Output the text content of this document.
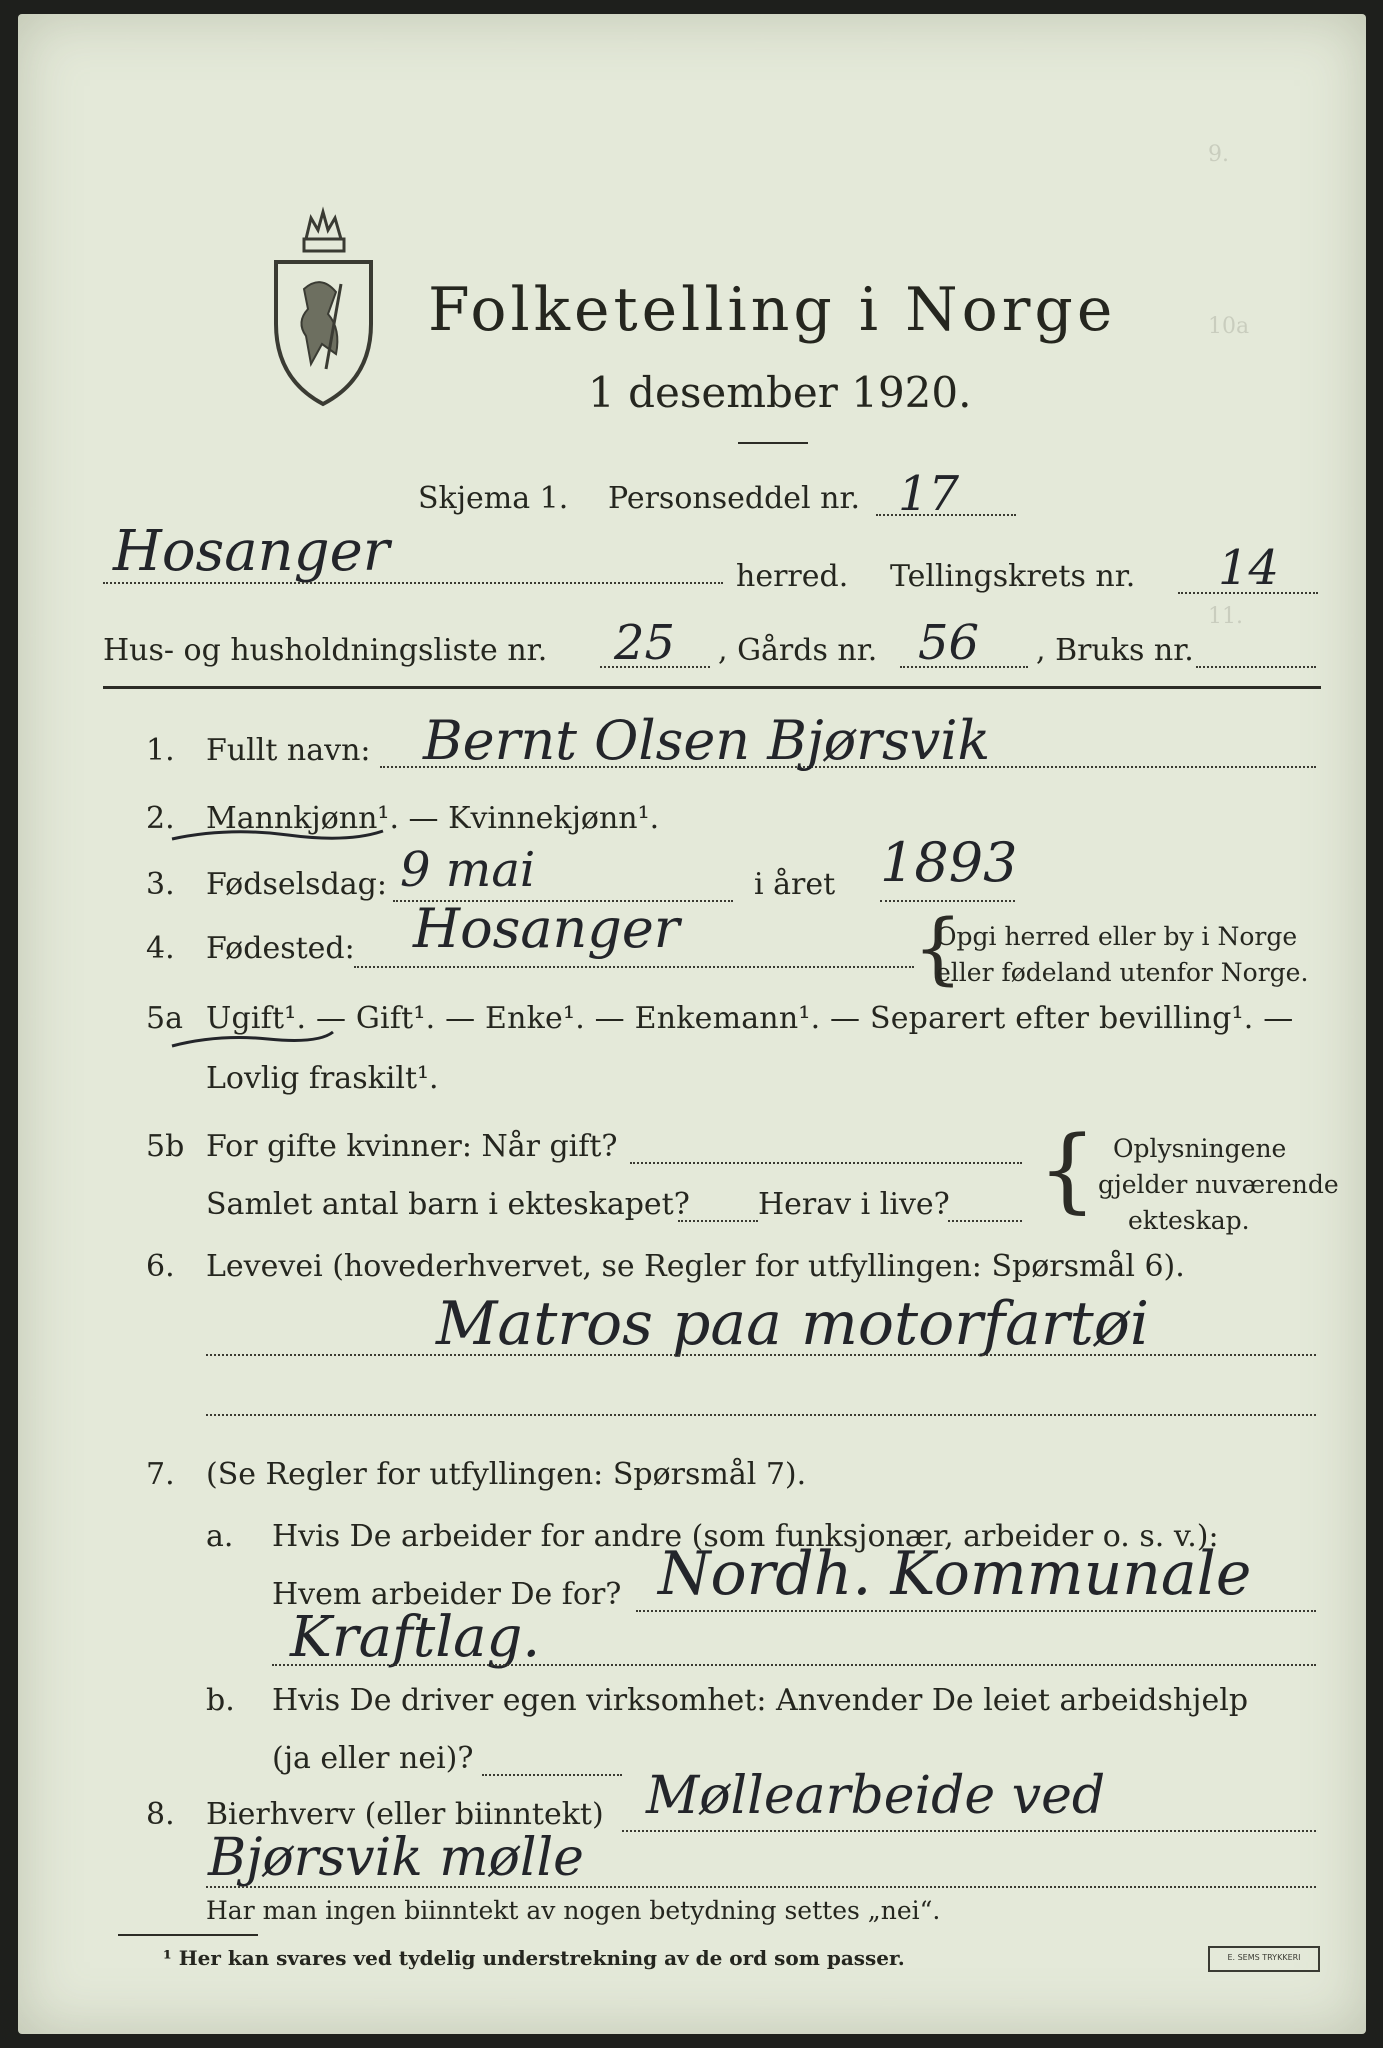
9.
10a
11.
Folketelling i Norge
1 desember 1920.
Skjema 1. Personseddel nr. 17
Hosanger	herred. Tellingskrets nr. 14
Hus- og husholdningsliste nr. 25 , Gårds nr. 56 , Bruks nr.
1. Fullt navn: Bernt Olsen Bjørsvik
2. Mannkjønn¹. — Kvinnekjønn¹.
3. Fødselsdag: 9 mai	i året 1893
4. Fødested: Hosanger	{
Opgi herred eller by i Norge
eller fødeland utenfor Norge.
5a Ugift¹. — Gift¹. — Enke¹. — Enkemann¹. — Separert efter bevilling¹. —
Lovlig fraskilt¹.
5b For gifte kvinner: Når gift?
Samlet antal barn i ekteskapet? Herav i live? { Oplysningene
gjelder nuværende
ekteskap.
6. Levevei (hovederhvervet, se Regler for utfyllingen: Spørsmål 6).
Matros paa motorfartøi
7. (Se Regler for utfyllingen: Spørsmål 7).
a. Hvis De arbeider for andre (som funksjonær, arbeider o. s. v.):
Hvem arbeider De for? Nordh. Kommunale
Kraftlag.
b. Hvis De driver egen virksomhet: Anvender De leiet arbeidshjelp
(ja eller nei)?
8. Bierhverv (eller biinntekt) Møllearbeide ved
Bjørsvik mølle
Har man ingen biinntekt av nogen betydning settes „nei“.
¹ Her kan svares ved tydelig understrekning av de ord som passer.	E. SEMS TRYKKERI
